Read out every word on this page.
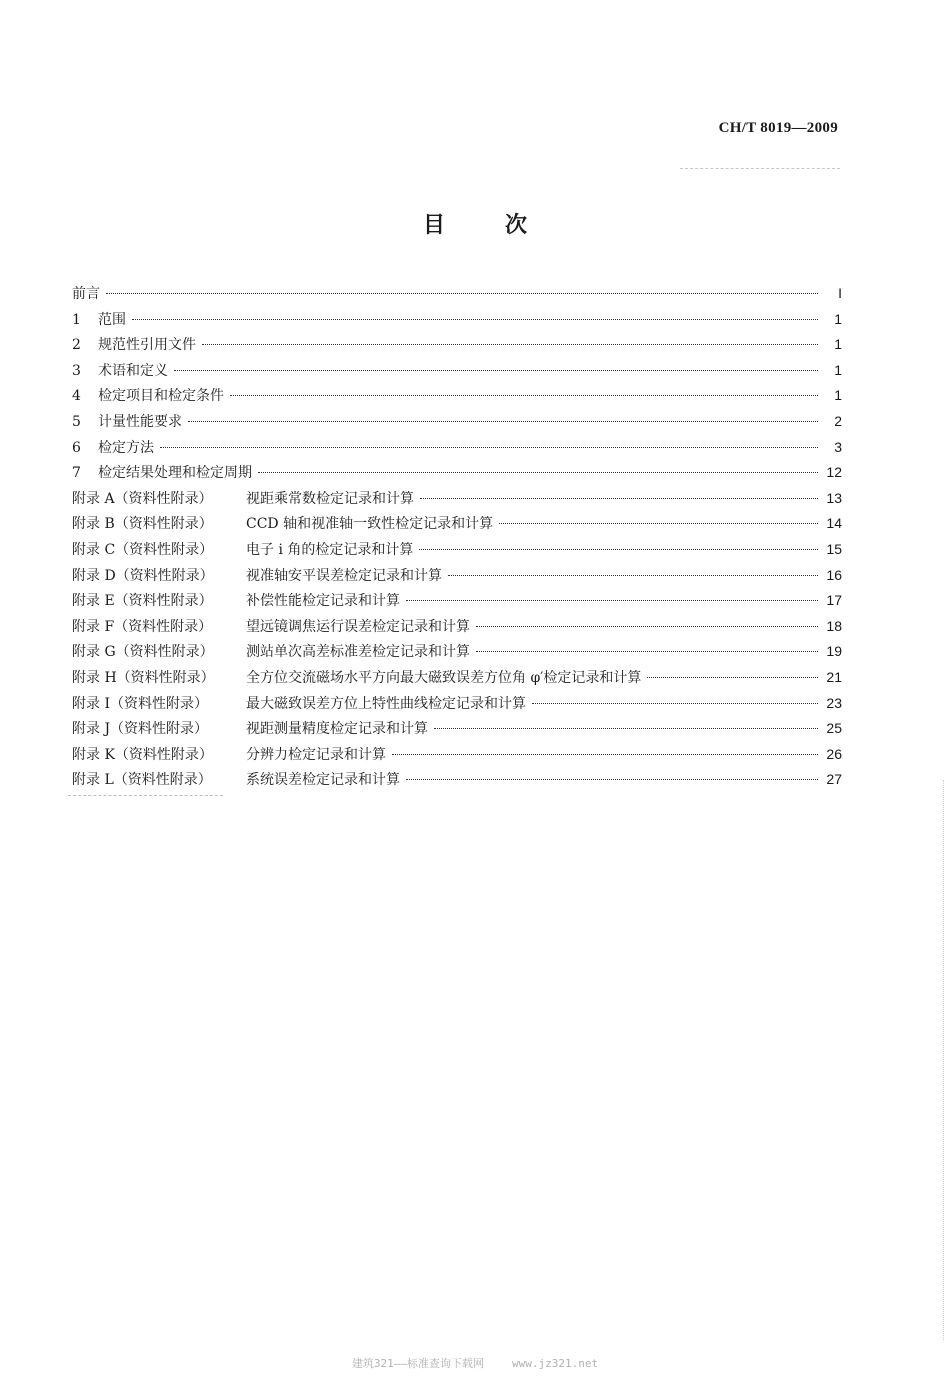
CH/T 8019—2009
目	次
前言	I
1	范围	1
2	规范性引用文件	1
3	术语和定义	1
4	检定项目和检定条件	1
5	计量性能要求	2
6	检定方法	3
7	检定结果处理和检定周期	12
附录 A（资料性附录）	视距乘常数检定记录和计算	13
附录 B（资料性附录）	CCD 轴和视准轴一致性检定记录和计算	14
附录 C（资料性附录）	电子 i 角的检定记录和计算	15
附录 D（资料性附录）	视准轴安平误差检定记录和计算	16
附录 E（资料性附录）	补偿性能检定记录和计算	17
附录 F（资料性附录）	望远镜调焦运行误差检定记录和计算	18
附录 G（资料性附录）	测站单次高差标准差检定记录和计算	19
附录 H（资料性附录）	全方位交流磁场水平方向最大磁致误差方位角 φ′检定记录和计算	21
附录 I（资料性附录）	最大磁致误差方位上特性曲线检定记录和计算	23
附录 J（资料性附录）	视距测量精度检定记录和计算	25
附录 K（资料性附录）	分辨力检定记录和计算	26
附录 L（资料性附录）	系统误差检定记录和计算	27
建筑321——标准查询下载网	www.jz321.net
